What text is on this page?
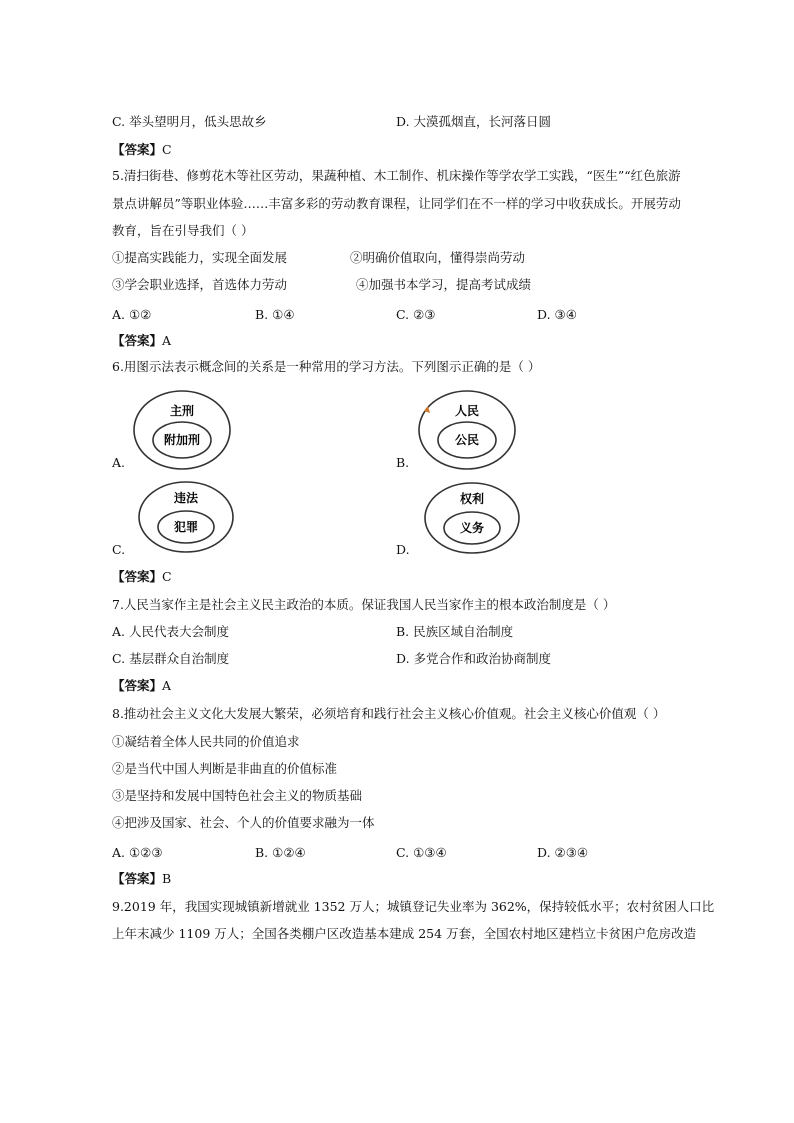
C. 举头望明月，低头思故乡	D. 大漠孤烟直，长河落日圆
【答案】C
5.清扫街巷、修剪花木等社区劳动，果蔬种植、木工制作、机床操作等学农学工实践，“医生”“红色旅游
景点讲解员”等职业体验……丰富多彩的劳动教育课程，让同学们在不一样的学习中收获成长。开展劳动
教育，旨在引导我们（ ）
①提高实践能力，实现全面发展	②明确价值取向，懂得崇尚劳动
③学会职业选择，首选体力劳动	④加强书本学习，提高考试成绩
A. ①②	B. ①④	C. ②③	D. ③④
【答案】A
6.用图示法表示概念间的关系是一种常用的学习方法。下列图示正确的是（ ）
主刑
附加刑
A.
人民
公民
B.
违法
犯罪
C.
权利
义务
D.
【答案】C
7.人民当家作主是社会主义民主政治的本质。保证我国人民当家作主的根本政治制度是（ ）
A. 人民代表大会制度	B. 民族区域自治制度
C. 基层群众自治制度	D. 多党合作和政治协商制度
【答案】A
8.推动社会主义文化大发展大繁荣，必须培育和践行社会主义核心价值观。社会主义核心价值观（ ）
①凝结着全体人民共同的价值追求
②是当代中国人判断是非曲直的价值标准
③是坚持和发展中国特色社会主义的物质基础
④把涉及国家、社会、个人的价值要求融为一体
A. ①②③	B. ①②④	C. ①③④	D. ②③④
【答案】B
9.2019 年，我国实现城镇新增就业 1352 万人；城镇登记失业率为 362%，保持较低水平；农村贫困人口比
上年末减少 1109 万人；全国各类棚户区改造基本建成 254 万套，全国农村地区建档立卡贫困户危房改造
